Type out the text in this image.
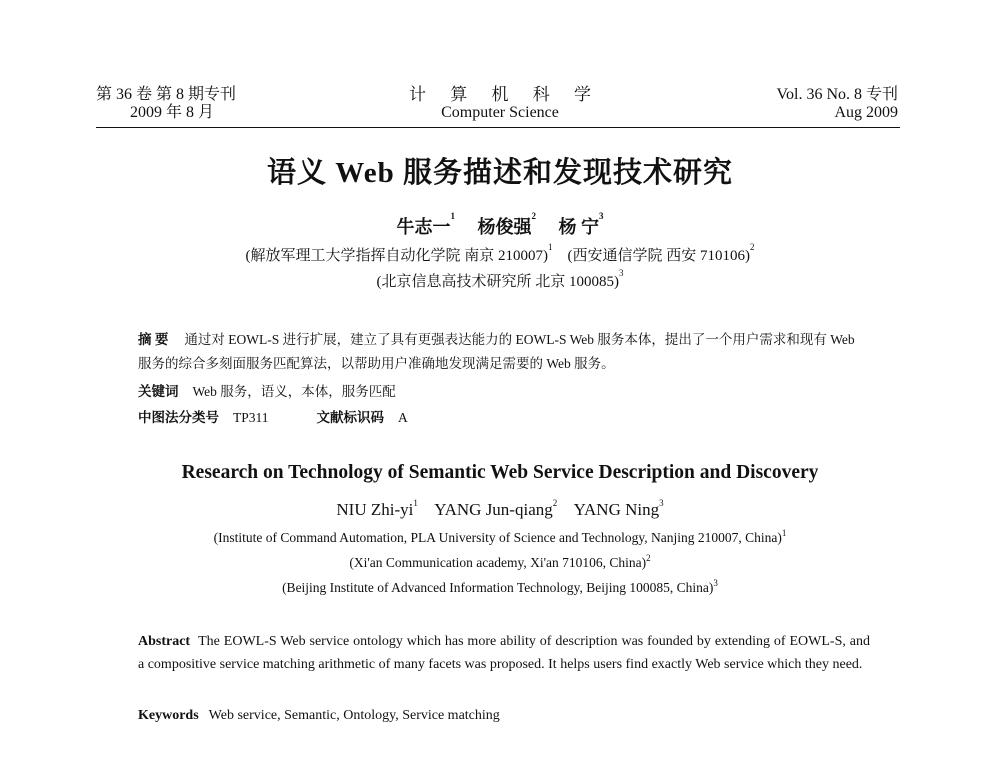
第 36 卷 第 8 期专刊
2009 年 8 月
计 算 机 科 学
Computer Science
Vol. 36 No. 8 专刊
Aug 2009
语义 Web 服务描述和发现技术研究
牛志一$^1$     杨俊强$^2$     杨 宁$^3$
(解放军理工大学指挥自动化学院 南京 210007)$^1$    (西安通信学院 西安 710106)$^2$
(北京信息高技术研究所 北京 100085)$^3$
摘 要 通过对 EOWL-S 进行扩展，建立了具有更强表达能力的 EOWL-S Web 服务本体，提出了一个用户需求和现有 Web 服务的综合多刻面服务匹配算法，以帮助用户准确地发现满足需要的 Web 服务。
关键词 Web 服务，语义，本体，服务匹配
中图法分类号 TP311	文献标识码 A
Research on Technology of Semantic Web Service Description and Discovery
NIU Zhi-$yi^1$ YANG Jun-qiang$^2$ YANG Ning$^3$
(Institute of Command Automation, PLA University of Science and Technology, Nanjing 210007, China)$^1$
(Xi'an Communication academy, Xi'an 710106, China)$^2$
(Beijing Institute of Advanced Information Technology, Beijing 100085, China)$^3$
Abstract The EOWL-S Web service ontology which has more ability of description was founded by extending of EOWL-S, and a compositive service matching arithmetic of many facets was proposed. It helps users find exactly Web service which they need.
Keywords Web service, Semantic, Ontology, Service matching
